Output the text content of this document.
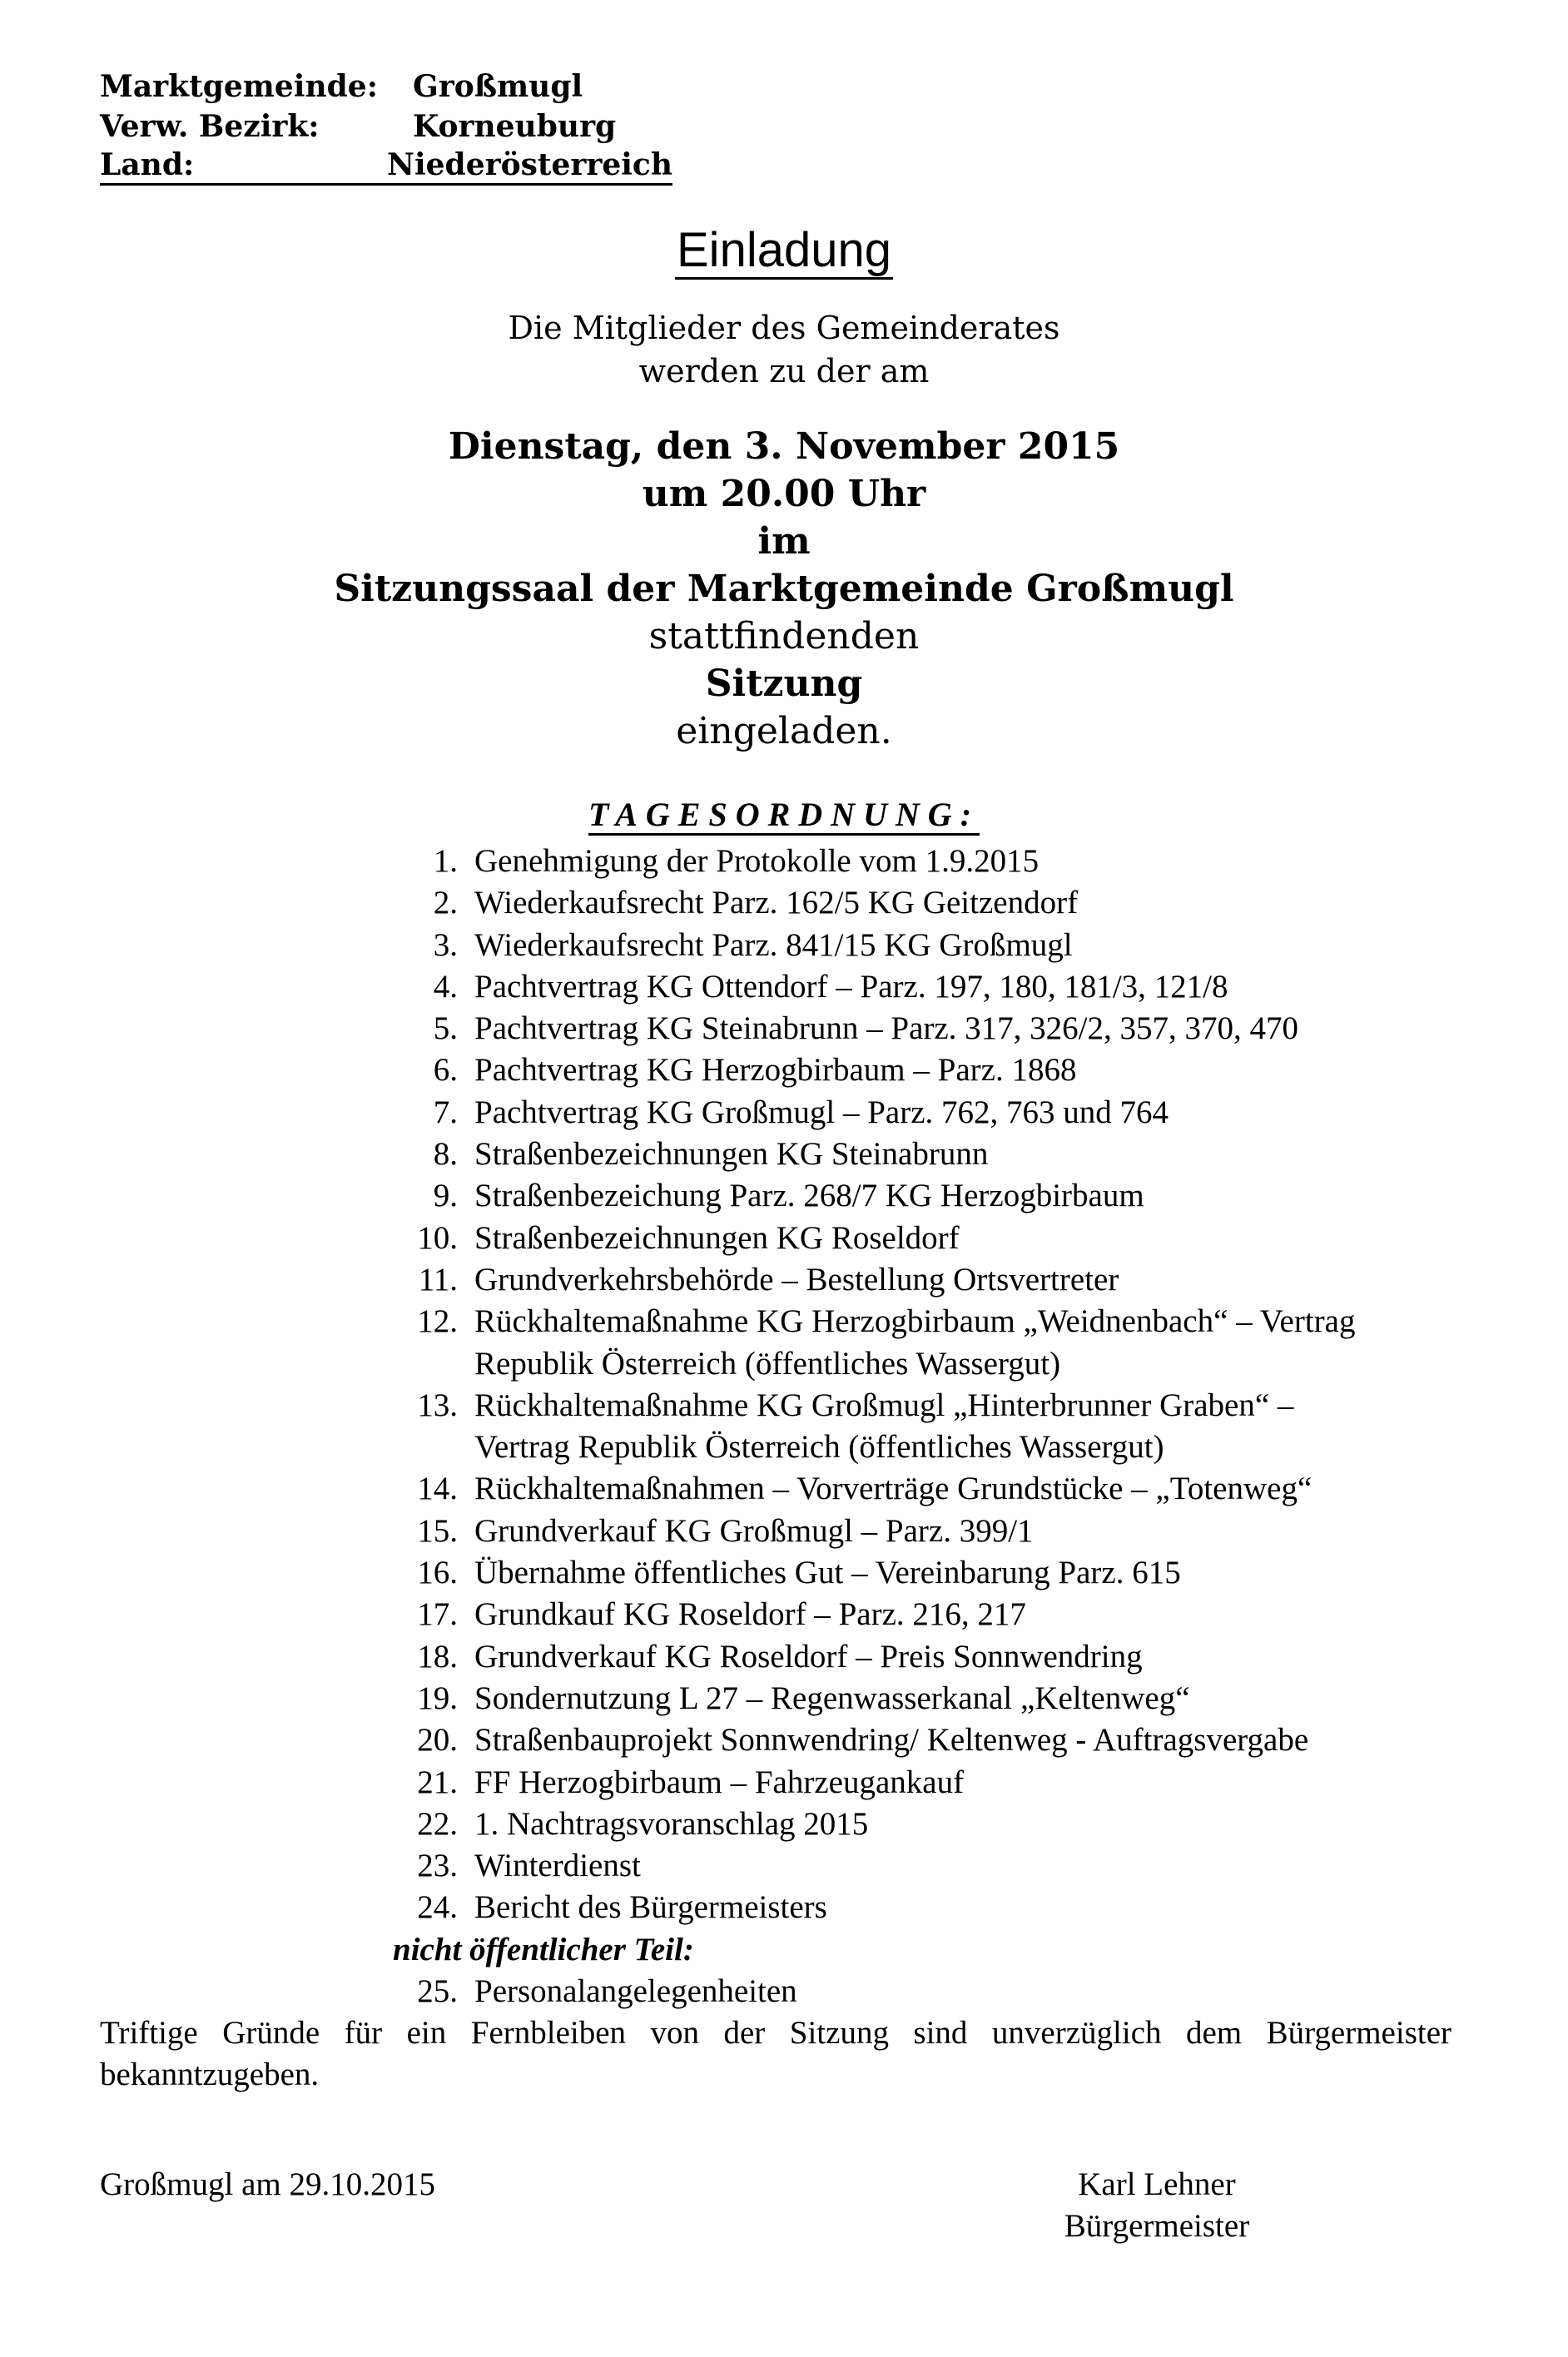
Marktgemeinde:	Großmugl
Verw. Bezirk:	Korneuburg
Land:	Niederösterreich
Einladung
Die Mitglieder des Gemeinderates
werden zu der am
Dienstag, den 3. November 2015
um 20.00 Uhr
im
Sitzungssaal der Marktgemeinde Großmugl
stattfindenden
Sitzung
eingeladen.
TAGESORDNUNG:
1. Genehmigung der Protokolle vom 1.9.2015
2. Wiederkaufsrecht Parz. 162/5 KG Geitzendorf
3. Wiederkaufsrecht Parz. 841/15 KG Großmugl
4. Pachtvertrag KG Ottendorf – Parz. 197, 180, 181/3, 121/8
5. Pachtvertrag KG Steinabrunn – Parz. 317, 326/2, 357, 370, 470
6. Pachtvertrag KG Herzogbirbaum – Parz. 1868
7. Pachtvertrag KG Großmugl – Parz. 762, 763 und 764
8. Straßenbezeichnungen KG Steinabrunn
9. Straßenbezeichung Parz. 268/7 KG Herzogbirbaum
10. Straßenbezeichnungen KG Roseldorf
11. Grundverkehrsbehörde – Bestellung Ortsvertreter
12. Rückhaltemaßnahme KG Herzogbirbaum „Weidnenbach“ – Vertrag
Republik Österreich (öffentliches Wassergut)
13. Rückhaltemaßnahme KG Großmugl „Hinterbrunner Graben“ –
Vertrag Republik Österreich (öffentliches Wassergut)
14. Rückhaltemaßnahmen – Vorverträge Grundstücke – „Totenweg“
15. Grundverkauf KG Großmugl – Parz. 399/1
16. Übernahme öffentliches Gut – Vereinbarung Parz. 615
17. Grundkauf KG Roseldorf – Parz. 216, 217
18. Grundverkauf KG Roseldorf – Preis Sonnwendring
19. Sondernutzung L 27 – Regenwasserkanal „Keltenweg“
20. Straßenbauprojekt Sonnwendring/ Keltenweg - Auftragsvergabe
21. FF Herzogbirbaum – Fahrzeugankauf
22. 1. Nachtragsvoranschlag 2015
23. Winterdienst
24. Bericht des Bürgermeisters
nicht öffentlicher Teil:
25. Personalangelegenheiten
Triftige Gründe für ein Fernbleiben von der Sitzung sind unverzüglich dem Bürgermeister bekanntzugeben.
Großmugl am 29.10.2015	Karl Lehner
Bürgermeister
